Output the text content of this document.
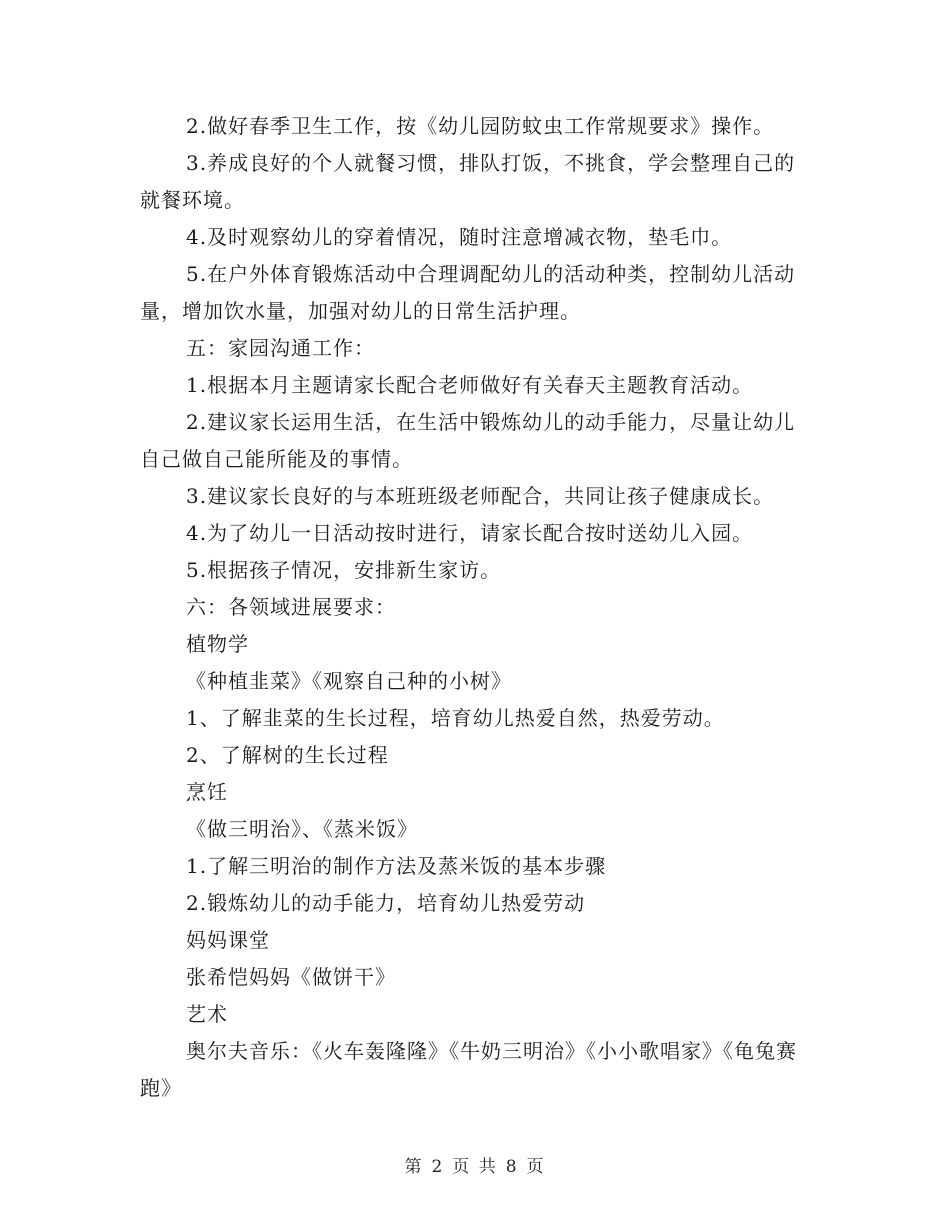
2.做好春季卫生工作，按《幼儿园防蚊虫工作常规要求》操作。

3.养成良好的个人就餐习惯，排队打饭，不挑食，学会整理自己的就餐环境。

4.及时观察幼儿的穿着情况，随时注意增减衣物，垫毛巾。

5.在户外体育锻炼活动中合理调配幼儿的活动种类，控制幼儿活动量，增加饮水量，加强对幼儿的日常生活护理。

五：家园沟通工作：

1.根据本月主题请家长配合老师做好有关春天主题教育活动。

2.建议家长运用生活，在生活中锻炼幼儿的动手能力，尽量让幼儿自己做自己能所能及的事情。

3.建议家长良好的与本班班级老师配合，共同让孩子健康成长。

4.为了幼儿一日活动按时进行，请家长配合按时送幼儿入园。

5.根据孩子情况，安排新生家访。

六：各领域进展要求：

植物学

《种植韭菜》《观察自己种的小树》

1、了解韭菜的生长过程，培育幼儿热爱自然，热爱劳动。

2、了解树的生长过程

烹饪

《做三明治》、《蒸米饭》

1.了解三明治的制作方法及蒸米饭的基本步骤

2.锻炼幼儿的动手能力，培育幼儿热爱劳动

妈妈课堂

张希恺妈妈《做饼干》

艺术

奥尔夫音乐：《火车轰隆隆》《牛奶三明治》《小小歌唱家》《龟兔赛跑》

第 2 页 共 8 页
